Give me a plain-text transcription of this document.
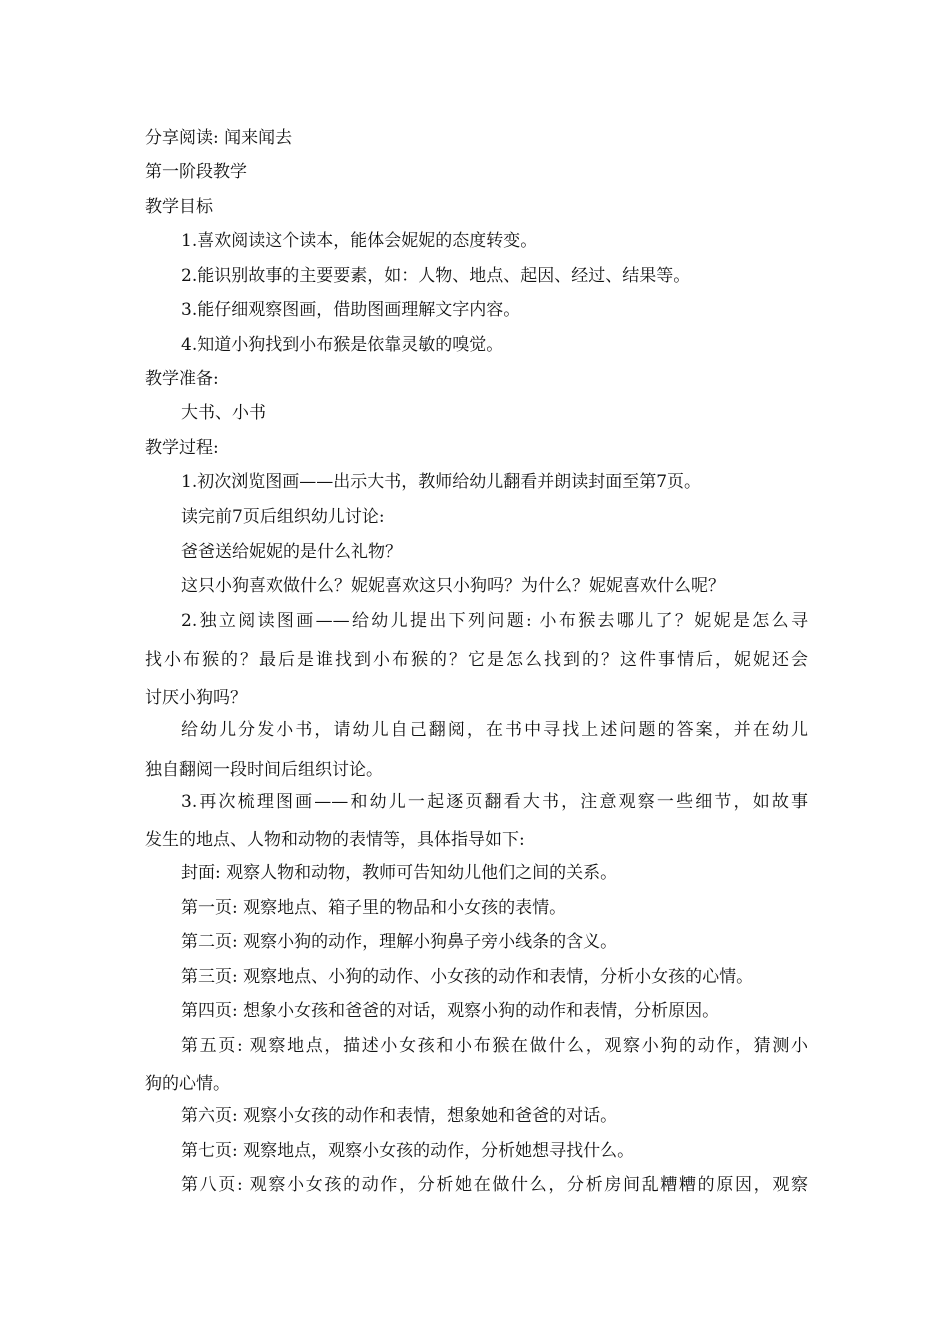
分享阅读: 闻来闻去
第一阶段教学
教学目标
1.喜欢阅读这个读本，能体会妮妮的态度转变。
2.能识别故事的主要要素，如：人物、地点、起因、经过、结果等。
3.能仔细观察图画，借助图画理解文字内容。
4.知道小狗找到小布猴是依靠灵敏的嗅觉。
教学准备:
大书、小书
教学过程:
1.初次浏览图画——出示大书，教师给幼儿翻看并朗读封面至第7页。
读完前7页后组织幼儿讨论:
爸爸送给妮妮的是什么礼物？
这只小狗喜欢做什么？妮妮喜欢这只小狗吗？为什么？妮妮喜欢什么呢？
2.独立阅读图画——给幼儿提出下列问题: 小布猴去哪儿了？妮妮是怎么寻
找小布猴的？最后是谁找到小布猴的？它是怎么找到的？这件事情后，妮妮还会
讨厌小狗吗？
给幼儿分发小书，请幼儿自己翻阅，在书中寻找上述问题的答案，并在幼儿
独自翻阅一段时间后组织讨论。
3.再次梳理图画——和幼儿一起逐页翻看大书，注意观察一些细节，如故事
发生的地点、人物和动物的表情等，具体指导如下:
封面: 观察人物和动物，教师可告知幼儿他们之间的关系。
第一页: 观察地点、箱子里的物品和小女孩的表情。
第二页: 观察小狗的动作，理解小狗鼻子旁小线条的含义。
第三页: 观察地点、小狗的动作、小女孩的动作和表情，分析小女孩的心情。
第四页: 想象小女孩和爸爸的对话，观察小狗的动作和表情，分析原因。
第五页: 观察地点，描述小女孩和小布猴在做什么，观察小狗的动作，猜测小
狗的心情。
第六页: 观察小女孩的动作和表情，想象她和爸爸的对话。
第七页: 观察地点，观察小女孩的动作，分析她想寻找什么。
第八页: 观察小女孩的动作，分析她在做什么，分析房间乱糟糟的原因，观察
